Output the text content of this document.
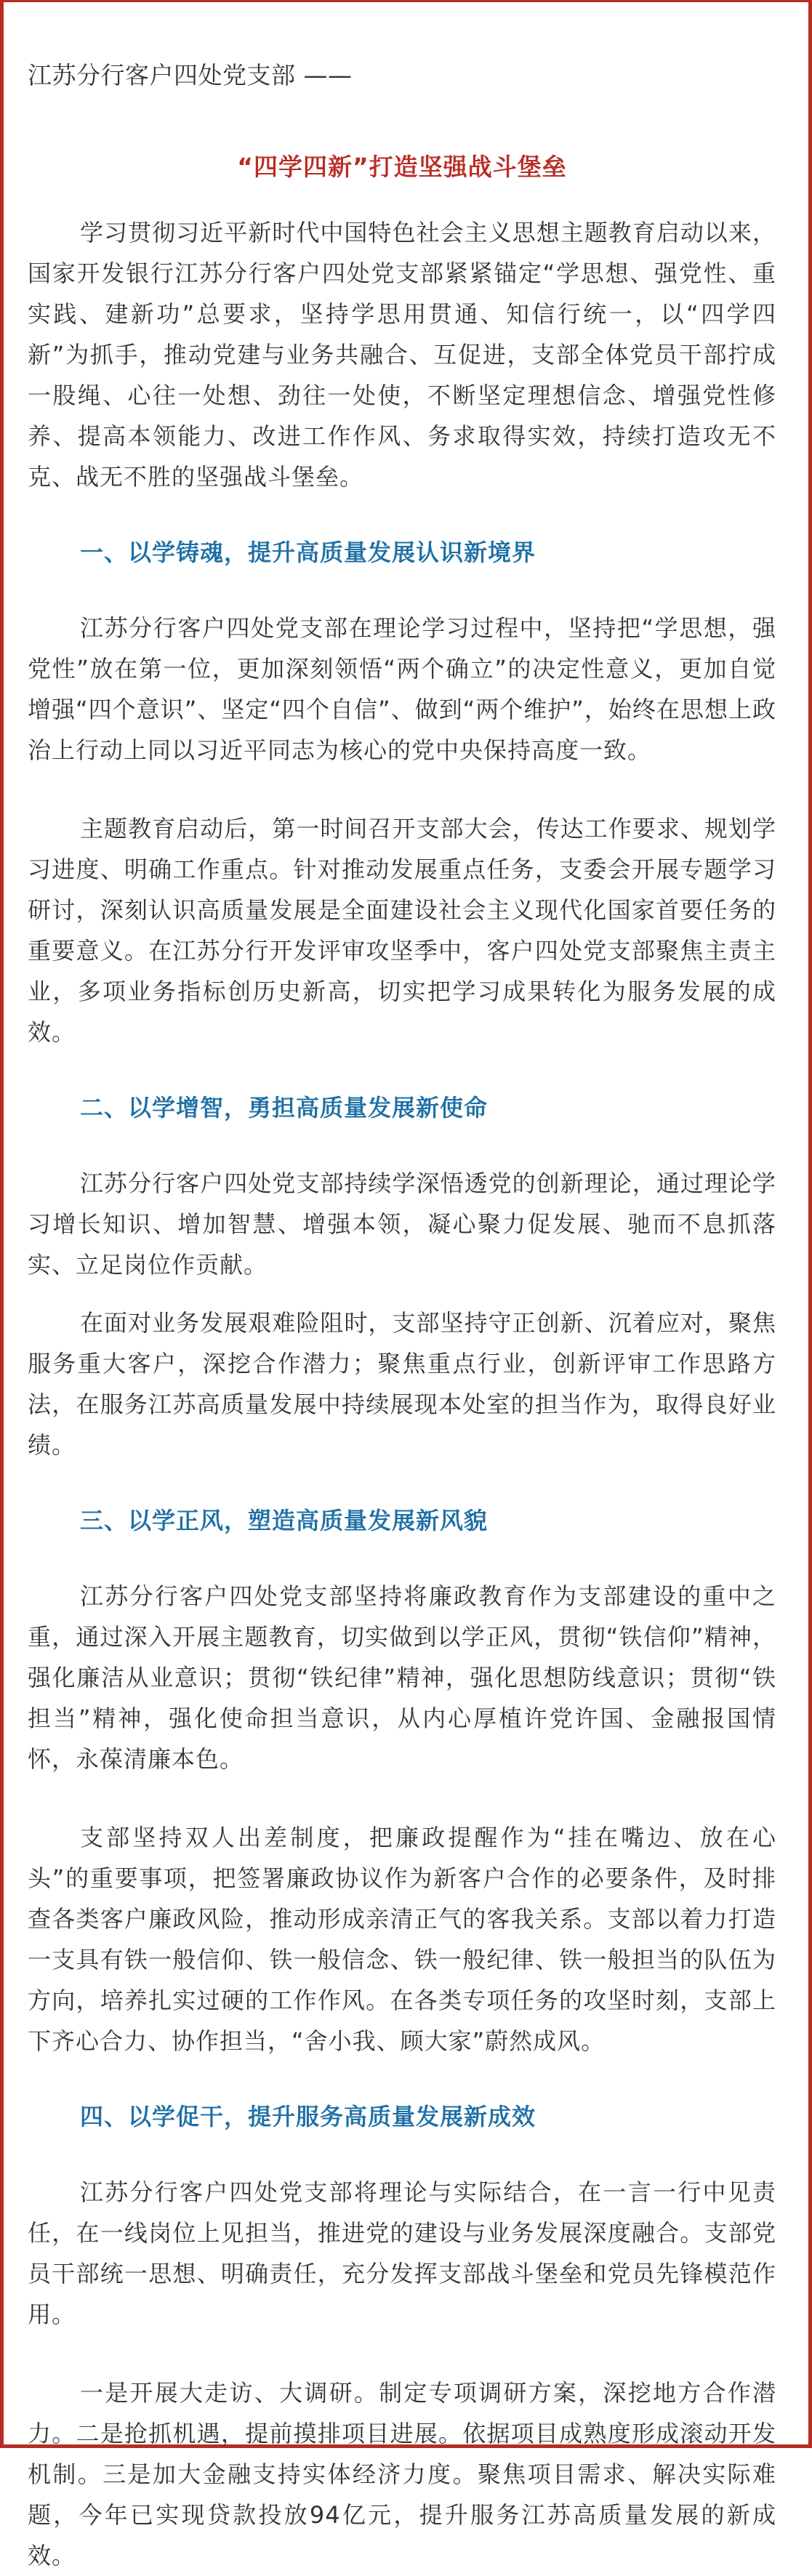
江苏分行客户四处党支部 ——

“四学四新”打造坚强战斗堡垒

学习贯彻习近平新时代中国特色社会主义思想主题教育启动以来，国家开发银行江苏分行客户四处党支部紧紧锚定“学思想、强党性、重实践、建新功”总要求，坚持学思用贯通、知信行统一，以“四学四新”为抓手，推动党建与业务共融合、互促进，支部全体党员干部拧成一股绳、心往一处想、劲往一处使，不断坚定理想信念、增强党性修养、提高本领能力、改进工作作风、务求取得实效，持续打造攻无不克、战无不胜的坚强战斗堡垒。

一、以学铸魂，提升高质量发展认识新境界

江苏分行客户四处党支部在理论学习过程中，坚持把“学思想，强党性”放在第一位，更加深刻领悟“两个确立”的决定性意义，更加自觉增强“四个意识”、坚定“四个自信”、做到“两个维护”，始终在思想上政治上行动上同以习近平同志为核心的党中央保持高度一致。

主题教育启动后，第一时间召开支部大会，传达工作要求、规划学习进度、明确工作重点。针对推动发展重点任务，支委会开展专题学习研讨，深刻认识高质量发展是全面建设社会主义现代化国家首要任务的重要意义。在江苏分行开发评审攻坚季中，客户四处党支部聚焦主责主业，多项业务指标创历史新高，切实把学习成果转化为服务发展的成效。

二、以学增智，勇担高质量发展新使命

江苏分行客户四处党支部持续学深悟透党的创新理论，通过理论学习增长知识、增加智慧、增强本领，凝心聚力促发展、驰而不息抓落实、立足岗位作贡献。

在面对业务发展艰难险阻时，支部坚持守正创新、沉着应对，聚焦服务重大客户，深挖合作潜力；聚焦重点行业，创新评审工作思路方法，在服务江苏高质量发展中持续展现本处室的担当作为，取得良好业绩。

三、以学正风，塑造高质量发展新风貌

江苏分行客户四处党支部坚持将廉政教育作为支部建设的重中之重，通过深入开展主题教育，切实做到以学正风，贯彻“铁信仰”精神，强化廉洁从业意识；贯彻“铁纪律”精神，强化思想防线意识；贯彻“铁担当”精神，强化使命担当意识，从内心厚植许党许国、金融报国情怀，永葆清廉本色。

支部坚持双人出差制度，把廉政提醒作为“挂在嘴边、放在心头”的重要事项，把签署廉政协议作为新客户合作的必要条件，及时排查各类客户廉政风险，推动形成亲清正气的客我关系。支部以着力打造一支具有铁一般信仰、铁一般信念、铁一般纪律、铁一般担当的队伍为方向，培养扎实过硬的工作作风。在各类专项任务的攻坚时刻，支部上下齐心合力、协作担当，“舍小我、顾大家”蔚然成风。

四、以学促干，提升服务高质量发展新成效

江苏分行客户四处党支部将理论与实际结合，在一言一行中见责任，在一线岗位上见担当，推进党的建设与业务发展深度融合。支部党员干部统一思想、明确责任，充分发挥支部战斗堡垒和党员先锋模范作用。

一是开展大走访、大调研。制定专项调研方案，深挖地方合作潜力。二是抢抓机遇，提前摸排项目进展。依据项目成熟度形成滚动开发机制。三是加大金融支持实体经济力度。聚焦项目需求、解决实际难题，今年已实现贷款投放94亿元，提升服务江苏高质量发展的新成效。
